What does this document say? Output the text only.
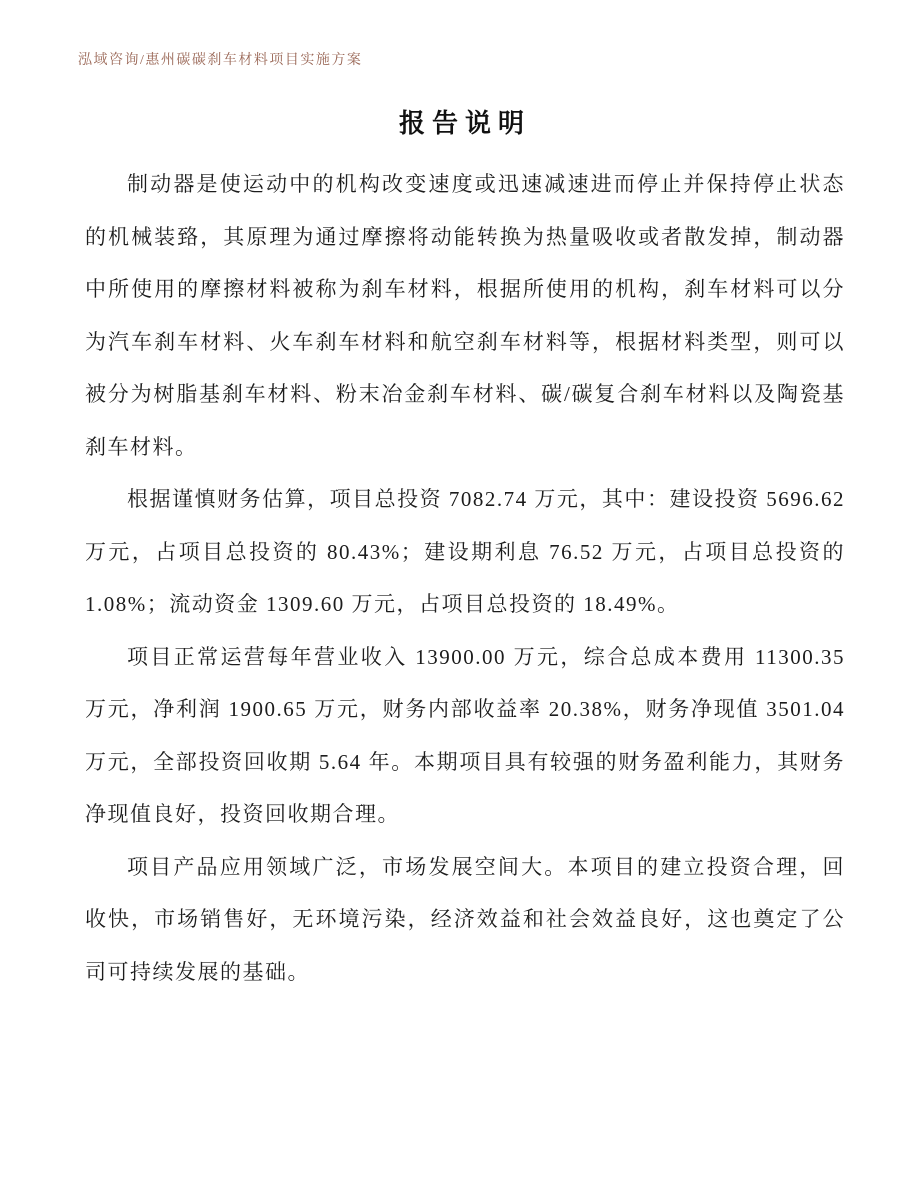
泓域咨询/惠州碳碳刹车材料项目实施方案
报告说明

制动器是使运动中的机构改变速度或迅速减速进而停止并保持停止状态的机械装臵，其原理为通过摩擦将动能转换为热量吸收或者散发掉，制动器中所使用的摩擦材料被称为刹车材料，根据所使用的机构，刹车材料可以分为汽车刹车材料、火车刹车材料和航空刹车材料等，根据材料类型，则可以被分为树脂基刹车材料、粉末冶金刹车材料、碳/碳复合刹车材料以及陶瓷基刹车材料。

根据谨慎财务估算，项目总投资 7082.74 万元，其中：建设投资 5696.62 万元，占项目总投资的 80.43%；建设期利息 76.52 万元，占项目总投资的 1.08%；流动资金 1309.60 万元，占项目总投资的 18.49%。

项目正常运营每年营业收入 13900.00 万元，综合总成本费用 11300.35 万元，净利润 1900.65 万元，财务内部收益率 20.38%，财务净现值 3501.04 万元，全部投资回收期 5.64 年。本期项目具有较强的财务盈利能力，其财务净现值良好，投资回收期合理。

项目产品应用领域广泛，市场发展空间大。本项目的建立投资合理，回收快，市场销售好，无环境污染，经济效益和社会效益良好，这也奠定了公司可持续发展的基础。
